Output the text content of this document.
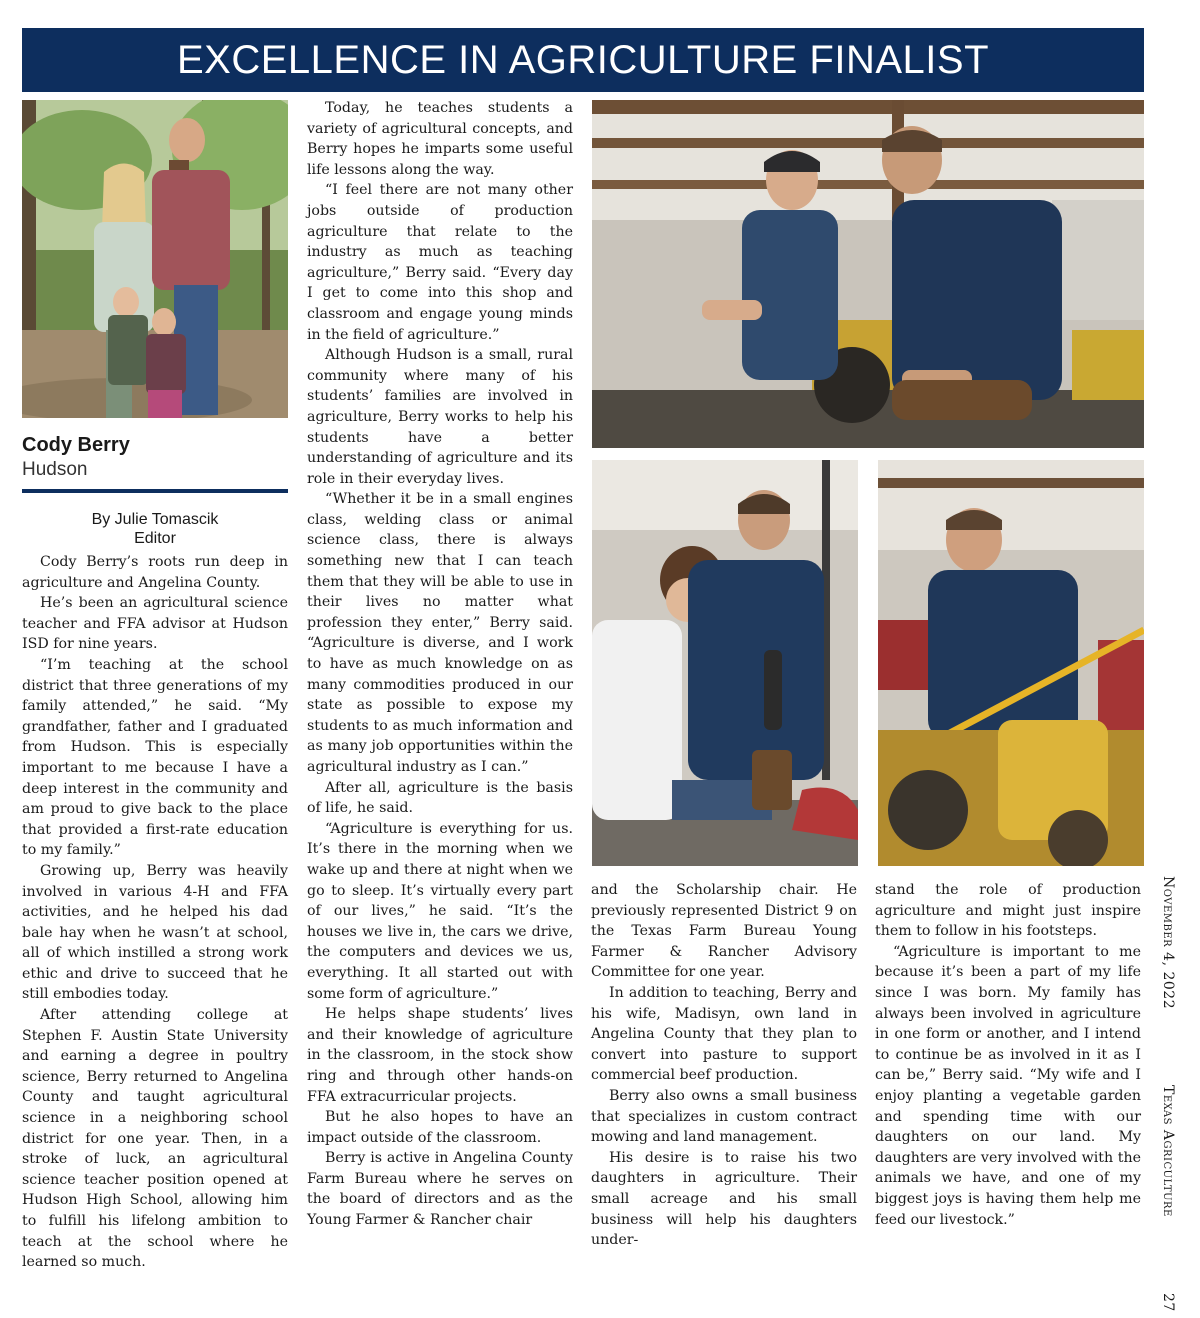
EXCELLENCE IN AGRICULTURE FINALIST
Cody Berry
Hudson
By Julie Tomascik
Editor

Cody Berry’s roots run deep in agriculture and Angelina County.

He’s been an agricultural science teacher and FFA advisor at Hudson ISD for nine years.

“I’m teaching at the school district that three generations of my family attended,” he said. “My grandfather, father and I graduated from Hudson. This is especially important to me because I have a deep interest in the community and am proud to give back to the place that provided a first-rate education to my family.”

Growing up, Berry was heavily involved in various 4-H and FFA activities, and he helped his dad bale hay when he wasn’t at school, all of which instilled a strong work ethic and drive to succeed that he still embodies today.

After attending college at Stephen F. Austin State University and earning a degree in poultry science, Berry returned to Angelina County and taught agricultural science in a neighboring school district for one year. Then, in a stroke of luck, an agricultural science teacher position opened at Hudson High School, allowing him to fulfill his lifelong ambition to teach at the school where he learned so much.

Today, he teaches students a variety of agricultural concepts, and Berry hopes he imparts some useful life lessons along the way.

“I feel there are not many other jobs outside of production agriculture that relate to the industry as much as teaching agriculture,” Berry said. “Every day I get to come into this shop and classroom and engage young minds in the field of agriculture.”

Although Hudson is a small, rural community where many of his students’ families are involved in agriculture, Berry works to help his students have a better understanding of agriculture and its role in their everyday lives.

“Whether it be in a small engines class, welding class or animal science class, there is always something new that I can teach them that they will be able to use in their lives no matter what profession they enter,” Berry said. “Agriculture is diverse, and I work to have as much knowledge on as many commodities produced in our state as possible to expose my students to as much information and as many job opportunities within the agricultural industry as I can.”

After all, agriculture is the basis of life, he said.

“Agriculture is everything for us. It’s there in the morning when we wake up and there at night when we go to sleep. It’s virtually every part of our lives,” he said. “It’s the houses we live in, the cars we drive, the computers and devices we us, everything. It all started out with some form of agriculture.”

He helps shape students’ lives and their knowledge of agriculture in the classroom, in the stock show ring and through other hands-on FFA extracurricular projects.

But he also hopes to have an impact outside of the classroom.

Berry is active in Angelina County Farm Bureau where he serves on the board of directors and as the Young Farmer & Rancher chair

and the Scholarship chair. He previously represented District 9 on the Texas Farm Bureau Young Farmer & Rancher Advisory Committee for one year.

In addition to teaching, Berry and his wife, Madisyn, own land in Angelina County that they plan to convert into pasture to support commercial beef production.

Berry also owns a small business that specializes in custom contract mowing and land management.

His desire is to raise his two daughters in agriculture. Their small acreage and his small business will help his daughters under-

stand the role of production agriculture and might just inspire them to follow in his footsteps.

“Agriculture is important to me because it’s been a part of my life since I was born. My family has always been involved in agriculture in one form or another, and I intend to continue be as involved in it as I can be,” Berry said. “My wife and I enjoy planting a vegetable garden and spending time with our daughters on our land. My daughters are very involved with the animals we have, and one of my biggest joys is having them help me feed our livestock.”

November 4, 2022  Texas Agriculture  27
